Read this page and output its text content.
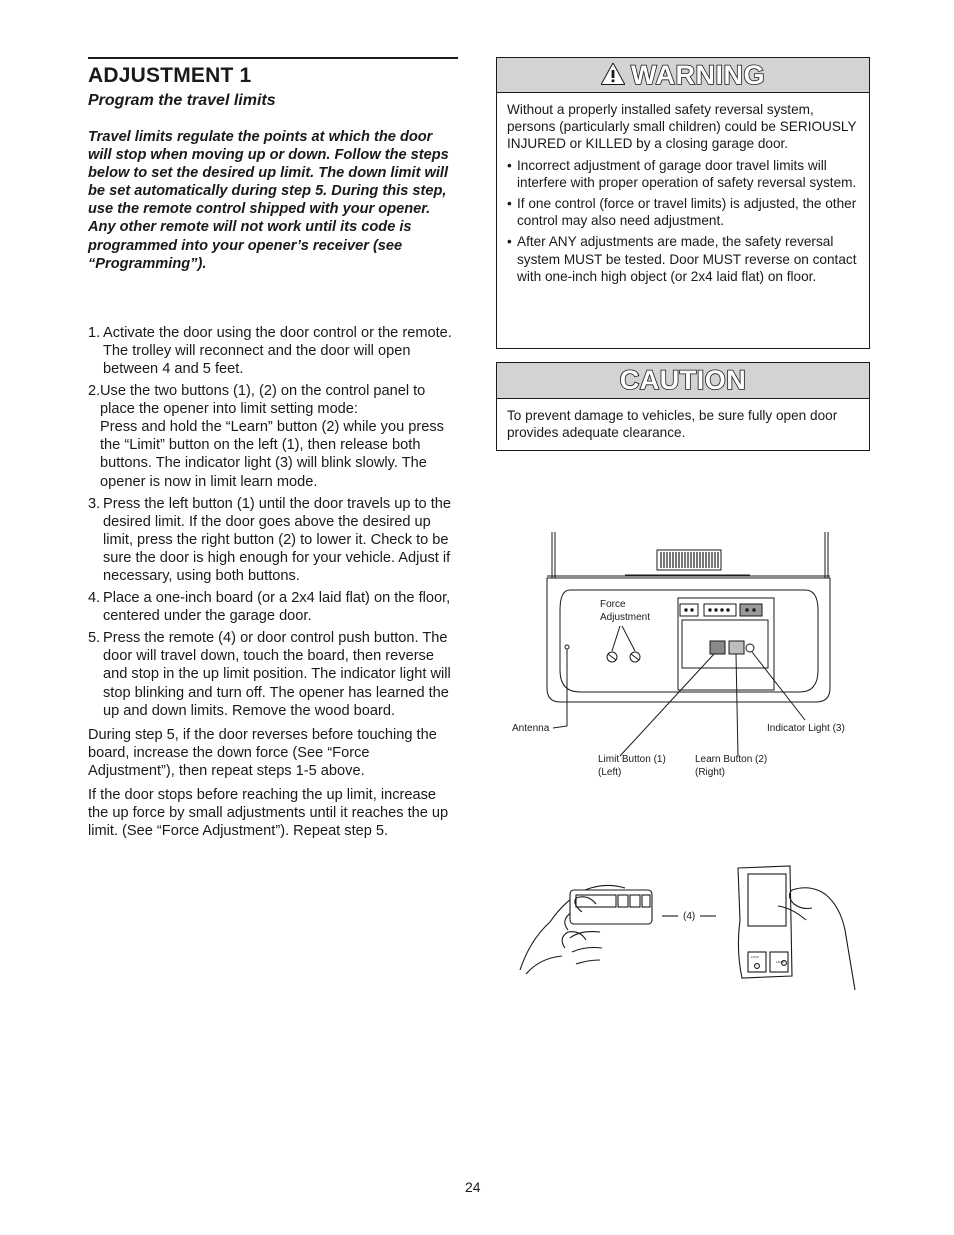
ADJUSTMENT 1
Program the travel limits

Travel limits regulate the points at which the door will stop when moving up or down. Follow the steps below to set the desired up limit. The down limit will be set automatically during step 5. During this step, use the remote control shipped with your opener. Any other remote will not work until its code is programmed into your opener’s receiver (see “Programming”).

1. Activate the door using the door control or the remote. The trolley will reconnect and the door will open between 4 and 5 feet.
2. Use the two buttons (1), (2) on the control panel to place the opener into limit setting mode:
Press and hold the “Learn” button (2) while you press the “Limit” button on the left (1), then release both buttons. The indicator light (3) will blink slowly. The opener is now in limit learn mode.
3. Press the left button (1) until the door travels up to the desired limit. If the door goes above the desired up limit, press the right button (2) to lower it. Check to be sure the door is high enough for your vehicle. Adjust if necessary, using both buttons.
4. Place a one-inch board (or a 2x4 laid flat) on the floor, centered under the garage door.
5. Press the remote (4) or door control push button. The door will travel down, touch the board, then reverse and stop in the up limit position. The indicator light will stop blinking and turn off. The opener has learned the up and down limits. Remove the wood board.

During step 5, if the door reverses before touching the board, increase the down force (See “Force Adjustment”), then repeat steps 1-5 above.

If the door stops before reaching the up limit, increase the up force by small adjustments until it reaches the up limit. (See “Force Adjustment”). Repeat step 5.

WARNING

Without a properly installed safety reversal system, persons (particularly small children) could be SERIOUSLY INJURED or KILLED by a closing garage door.

• Incorrect adjustment of garage door travel limits will interfere with proper operation of safety reversal system.
• If one control (force or travel limits) is adjusted, the other control may also need adjustment.
• After ANY adjustments are made, the safety reversal system MUST be tested. Door MUST reverse on contact with one-inch high object (or 2x4 laid flat) on floor.
CAUTION

To prevent damage to vehicles, be sure fully open door provides adequate clearance.

Force
Adjustment
Antenna	Indicator Light (3)
Limit Button (1)
(Left)
Learn Button (2)
(Right)
(4)
LOCK
LIGHT
24
